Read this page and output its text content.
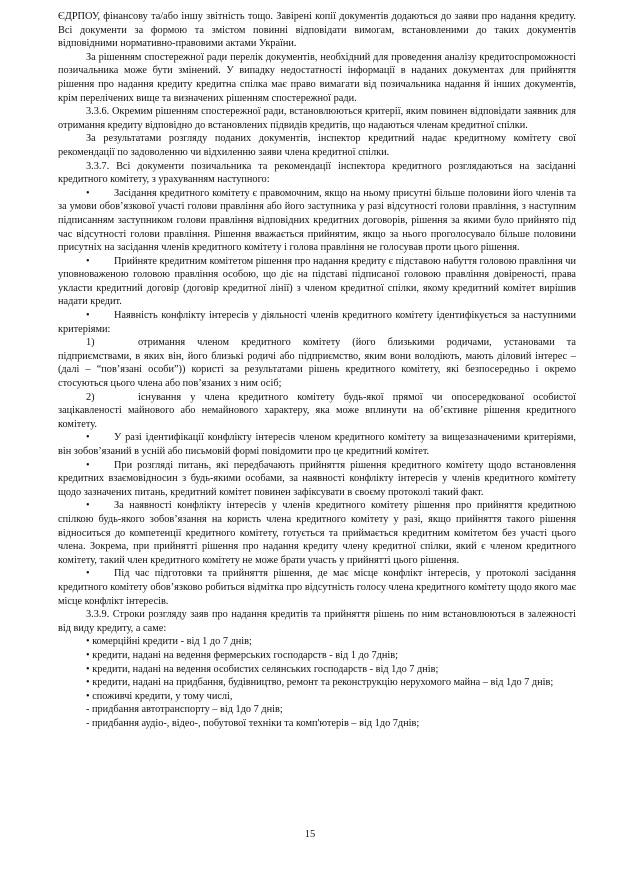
ЄДРПОУ, фінансову та/або іншу звітність тощо. Завірені копії документів додаються до заяви про надання кредиту. Всі документи за формою та змістом повинні відповідати вимогам, встановленими до таких документів відповідними нормативно-правовими актами України.

За рішенням спостережної ради перелік документів, необхідний для проведення аналізу кредитоспроможності позичальника може бути змінений. У випадку недостатності інформації в наданих документах для прийняття рішення про надання кредиту кредитна спілка має право вимагати від позичальника надання й інших документів, крім перелічених вище та визначених рішенням спостережної ради.

3.3.6. Окремим рішенням спостережної ради, встановлюються критерії, яким повинен відповідати заявник для отримання кредиту відповідно до встановлених підвидів кредитів, що надаються членам кредитної спілки.

За результатами розгляду поданих документів, інспектор кредитний надає кредитному комітету свої рекомендації по задоволенню чи відхиленню заяви члена кредитної спілки.

3.3.7. Всі документи позичальника та рекомендації інспектора кредитного розглядаються на засіданні кредитного комітету, з урахуванням наступного:

• Засідання кредитного комітету є правомочним, якщо на ньому присутні більше половини його членів та за умови обов’язкової участі голови правління або його заступника у разі відсутності голови правління, з наступним підписанням заступником голови правління відповідних кредитних договорів, рішення за якими було прийнято під час відсутності голови правління. Рішення вважається прийнятим, якщо за нього проголосувало більше половини присутніх на засідання членів кредитного комітету і голова правління не голосував проти цього рішення.

• Прийняте кредитним комітетом рішення про надання кредиту є підставою набуття головою правління чи уповноваженою головою правління особою, що діє на підставі підписаної головою правління довіреності, права укласти кредитний договір (договір кредитної лінії) з членом кредитної спілки, якому кредитний комітет вирішив надати кредит.

• Наявність конфлікту інтересів у діяльності членів кредитного комітету ідентифікується за наступними критеріями:

1)	отримання членом кредитного комітету (його близькими родичами, установами та підприємствами, в яких він, його близькі родичі або підприємство, яким вони володіють, мають діловий інтерес – (далі – “пов’язані особи”)) користі за результатами рішень кредитного комітету, які безпосередньо і окремо стосуються цього члена або пов’язаних з ним осіб;

2)	існування у члена кредитного комітету будь-якої прямої чи опосередкованої особистої зацікавленості майнового або немайнового характеру, яка може вплинути на об’єктивне рішення кредитного комітету.

• У разі ідентифікації конфлікту інтересів членом кредитного комітету за вищезазначеними критеріями, він зобов’язаний в усній або письмовій формі повідомити про це кредитний комітет.

• При розгляді питань, які передбачають прийняття рішення кредитного комітету щодо встановлення кредитних взаємовідносин з будь-якими особами, за наявності конфлікту інтересів у членів кредитного комітету щодо зазначених питань, кредитний комітет повинен зафіксувати в своєму протоколі такий факт.

• За наявності конфлікту інтересів у членів кредитного комітету рішення про прийняття кредитною спілкою будь-якого зобов’язання на користь члена кредитного комітету у разі, якщо прийняття такого рішення відноситься до компетенції кредитного комітету, готується та приймається кредитним комітетом без участі цього члена. Зокрема, при прийнятті рішення про надання кредиту члену кредитної спілки, який є членом кредитного комітету, такий член кредитного комітету не може брати участь у прийнятті цього рішення.

• Під час підготовки та прийняття рішення, де має місце конфлікт інтересів, у протоколі засідання кредитного комітету обов’язково робиться відмітка про відсутність голосу члена кредитного комітету щодо якого має місце конфлікт інтересів.

3.3.9. Строки розгляду заяв про надання кредитів та прийняття рішень по ним встановлюються в залежності від виду кредиту, а саме:

• комерційні кредити - від 1 до 7 днів;

• кредити, надані на ведення фермерських господарств - від 1 до 7днів;

• кредити, надані на ведення особистих селянських господарств - від 1до 7 днів;

• кредити, надані на придбання, будівництво, ремонт та реконструкцію нерухомого майна – від 1до 7 днів;

• споживчі кредити, у тому числі,

- придбання автотранспорту – від 1до 7 днів;

- придбання аудіо-, відео-, побутової техніки та комп'ютерів – від 1до 7днів;

15
